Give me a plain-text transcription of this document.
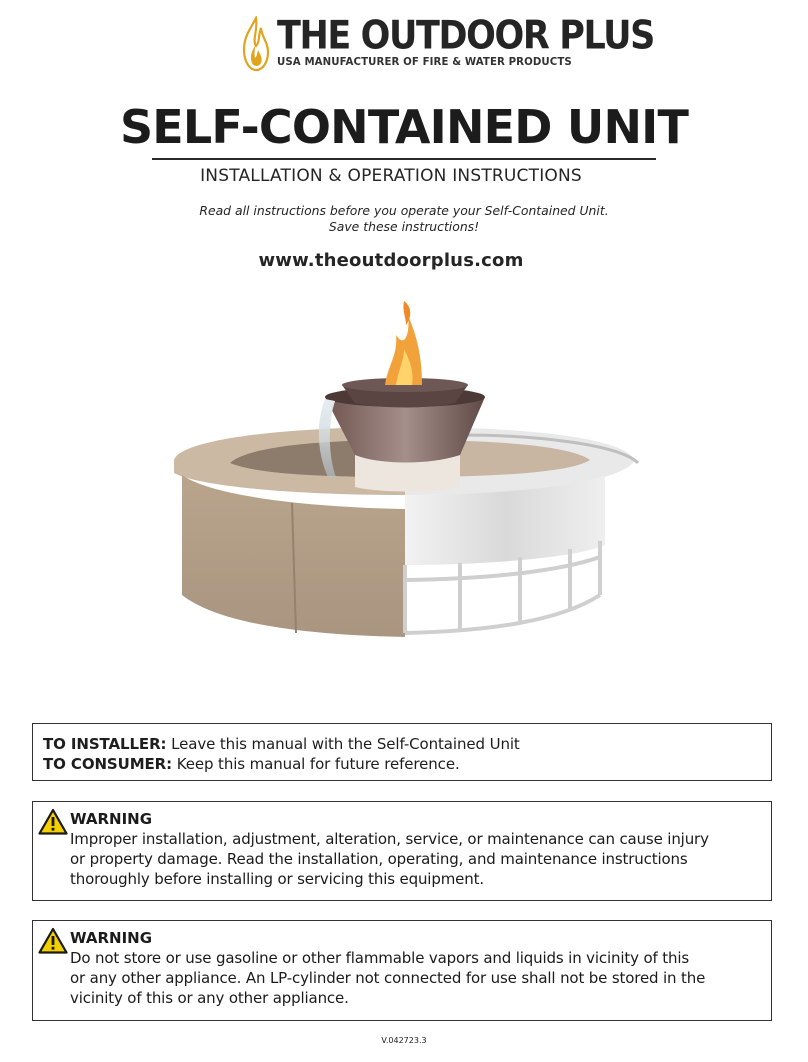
THE OUTDOOR PLUS
USA MANUFACTURER OF FIRE & WATER PRODUCTS
SELF-CONTAINED UNIT
INSTALLATION & OPERATION INSTRUCTIONS
Read all instructions before you operate your Self-Contained Unit.
Save these instructions!
www.theoutdoorplus.com
TO INSTALLER: Leave this manual with the Self-Contained Unit
TO CONSUMER: Keep this manual for future reference.
WARNING
Improper installation, adjustment, alteration, service, or maintenance can cause injury
or property damage. Read the installation, operating, and maintenance instructions
thoroughly before installing or servicing this equipment.
WARNING
Do not store or use gasoline or other flammable vapors and liquids in vicinity of this
or any other appliance. An LP-cylinder not connected for use shall not be stored in the
vicinity of this or any other appliance.
V.042723.3
